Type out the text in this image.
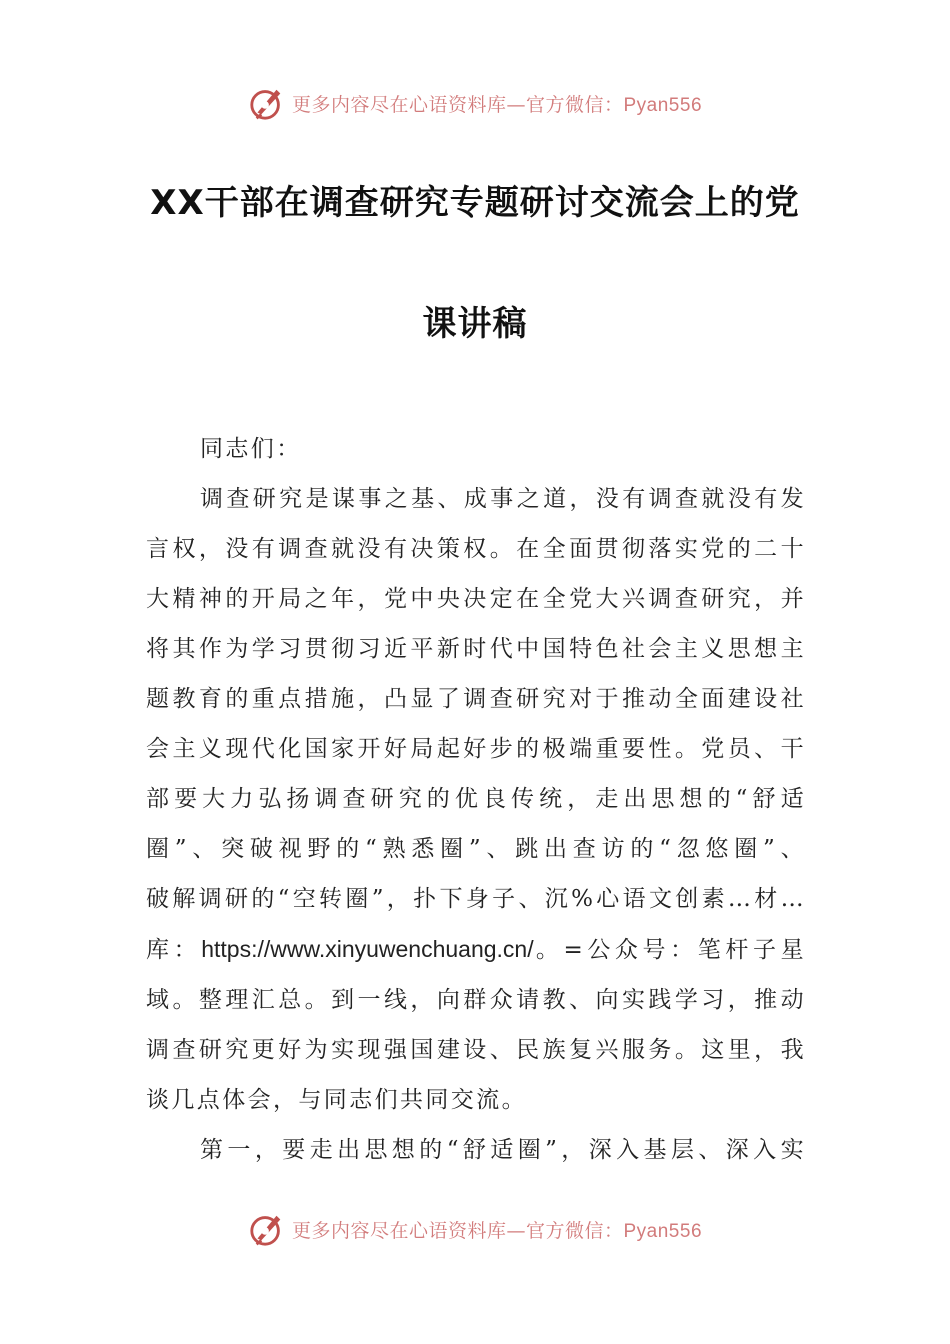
更多内容尽在心语资料库—官方微信：Pyan556
XX干部在调查研究专题研讨交流会上的党
课讲稿
同志们：
调查研究是谋事之基、成事之道，没有调查就没有发
言权，没有调查就没有决策权。在全面贯彻落实党的二十
大精神的开局之年，党中央决定在全党大兴调查研究，并
将其作为学习贯彻习近平新时代中国特色社会主义思想主
题教育的重点措施，凸显了调查研究对于推动全面建设社
会主义现代化国家开好局起好步的极端重要性。党员、干
部要大力弘扬调查研究的优良传统，走出思想的“舒适
圈”、突破视野的“熟悉圈”、跳出查访的“忽悠圈”、
破解调研的“空转圈”，扑下身子、沉%心语文创素…材…
库：https://www.xinyuwenchuang.cn/。=公众号：笔杆子星
域。整理汇总。到一线，向群众请教、向实践学习，推动
调查研究更好为实现强国建设、民族复兴服务。这里，我
谈几点体会，与同志们共同交流。
第一，要走出思想的“舒适圈”，深入基层、深入实
更多内容尽在心语资料库—官方微信：Pyan556
